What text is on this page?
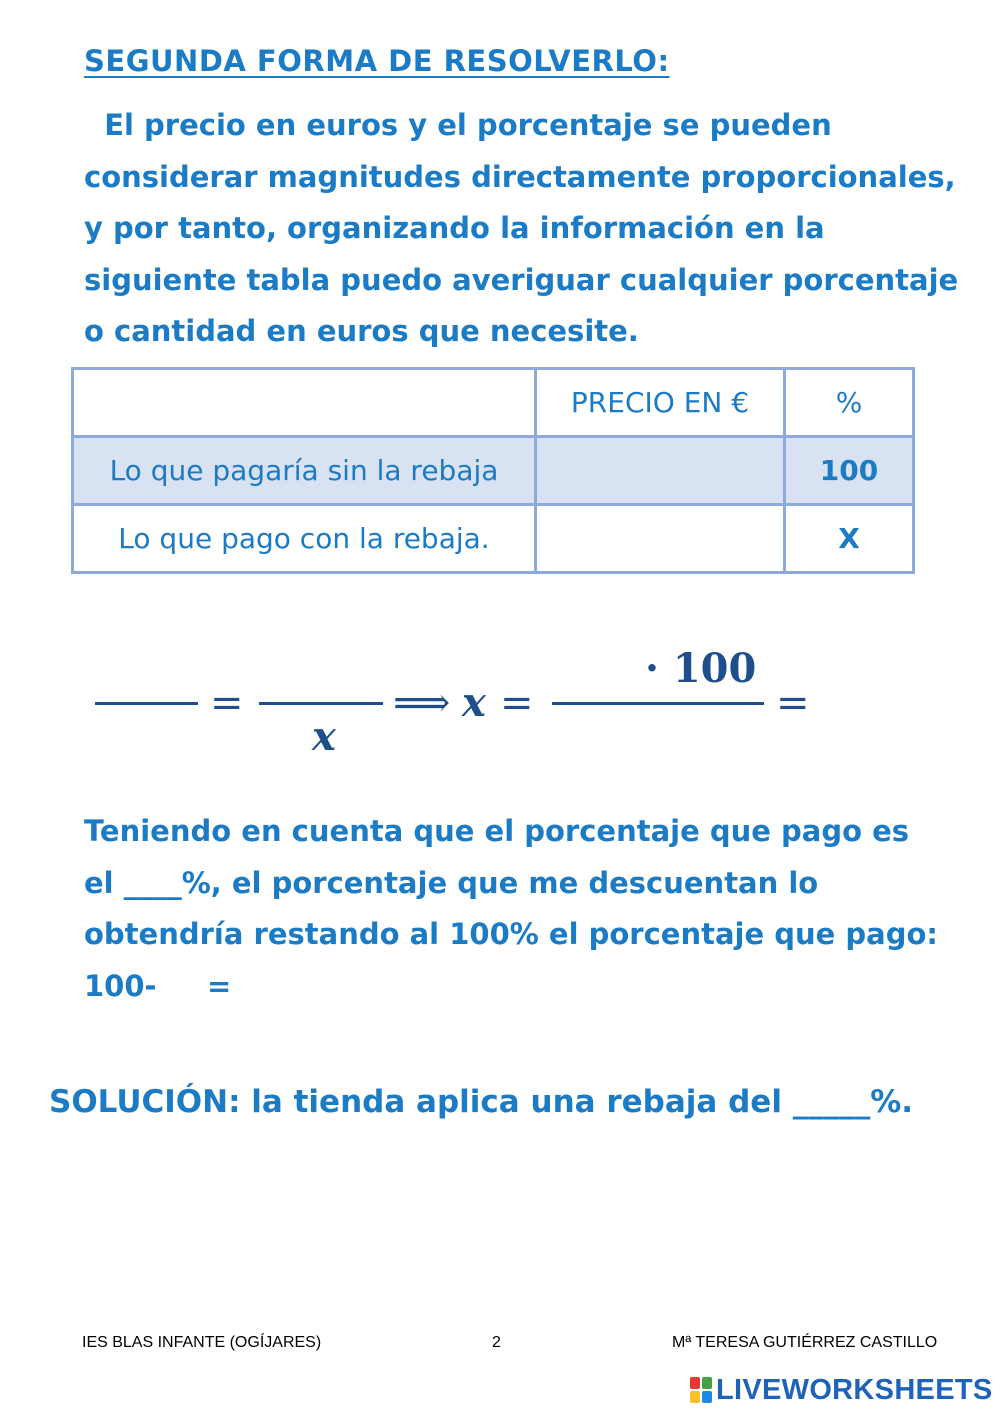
SEGUNDA FORMA DE RESOLVERLO:
El precio en euros y el porcentaje se pueden
considerar magnitudes directamente proporcionales,
y por tanto, organizando la información en la
siguiente tabla puedo averiguar cualquier porcentaje
o cantidad en euros que necesite.
	PRECIO EN €	%
Lo que pagaría sin la rebaja		100
Lo que pago con la rebaja.		X
=	⟹ x =
x
· 100
=
Teniendo en cuenta que el porcentaje que pago es
el ____%, el porcentaje que me descuentan lo
obtendría restando al 100% el porcentaje que pago:
100-     =
SOLUCIÓN: la tienda aplica una rebaja del _____%.
IES BLAS INFANTE (OGÍJARES)	2	Mª TERESA GUTIÉRREZ CASTILLO
LIVEWORKSHEETS
